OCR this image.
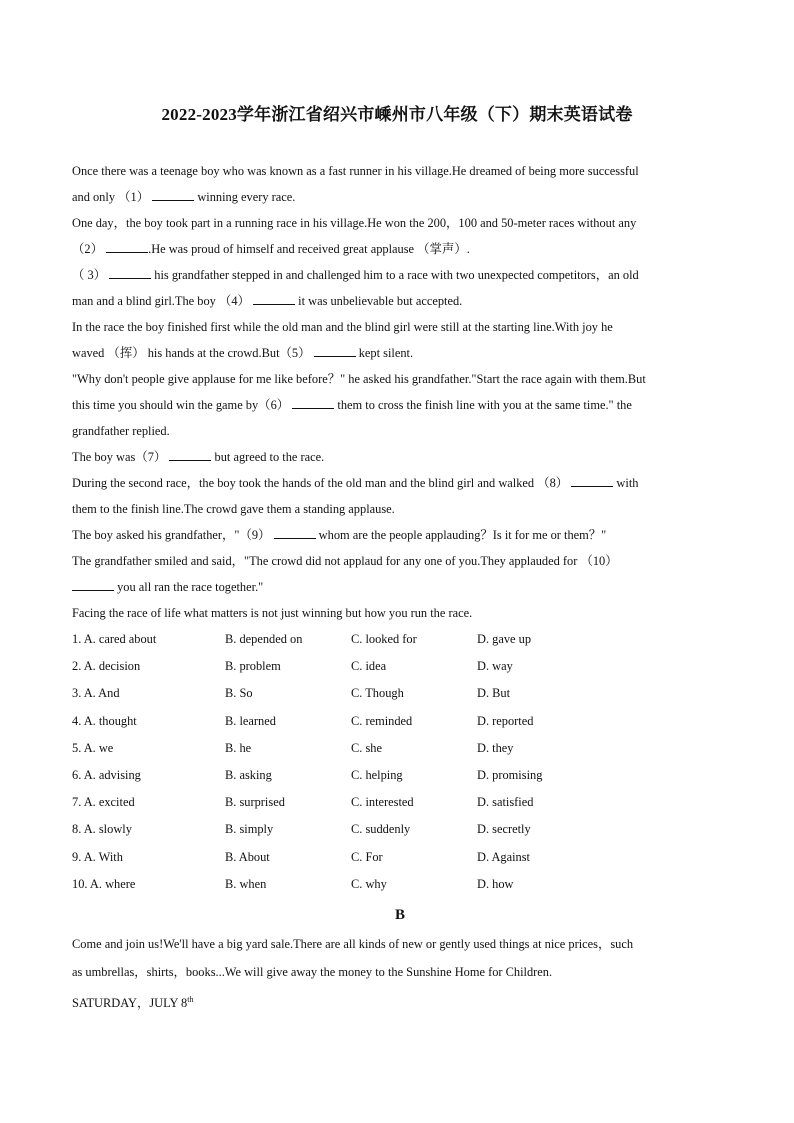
2022-2023学年浙江省绍兴市嵊州市八年级（下）期末英语试卷

Once there was a teenage boy who was known as a fast runner in his village.He dreamed of being more successful

and only （1）	winning every race.

One day，the boy took part in a running race in his village.He won the 200，100 and 50-meter races without any

（2）	.He was proud of himself and received great applause （掌声）.

（ 3）	his grandfather stepped in and challenged him to a race with two unexpected competitors，an old

man and a blind girl.The boy （4）	it was unbelievable but accepted.

In the race the boy finished first while the old man and the blind girl were still at the starting line.With joy he

waved （挥） his hands at the crowd.But（5）	kept silent.

"Why don't people give applause for me like before？" he asked his grandfather."Start the race again with them.But

this time you should win the game by（6）	them to cross the finish line with you at the same time." the

grandfather replied.

The boy was（7）	but agreed to the race.

During the second race，the boy took the hands of the old man and the blind girl and walked （8）	with

them to the finish line.The crowd gave them a standing applause.

The boy asked his grandfather，"（9）	whom are the people applauding？Is it for me or them？"

The grandfather smiled and said，"The crowd did not applaud for any one of you.They applauded for （10）

you all ran the race together."

Facing the race of life what matters is not just winning but how you run the race.

1. A. cared about	B. depended on	C. looked for	D. gave up
2. A. decision	B. problem	C. idea	D. way
3. A. And	B. So	C. Though	D. But
4. A. thought	B. learned	C. reminded	D. reported
5. A. we	B. he	C. she	D. they
6. A. advising	B. asking	C. helping	D. promising
7. A. excited	B. surprised	C. interested	D. satisfied
8. A. slowly	B. simply	C. suddenly	D. secretly
9. A. With	B. About	C. For	D. Against
10. A. where	B. when	C. why	D. how
B

Come and join us!We'll have a big yard sale.There are all kinds of new or gently used things at nice prices，such

as umbrellas，shirts，books...We will give away the money to the Sunshine Home for Children.

SATURDAY，JULY 8th
